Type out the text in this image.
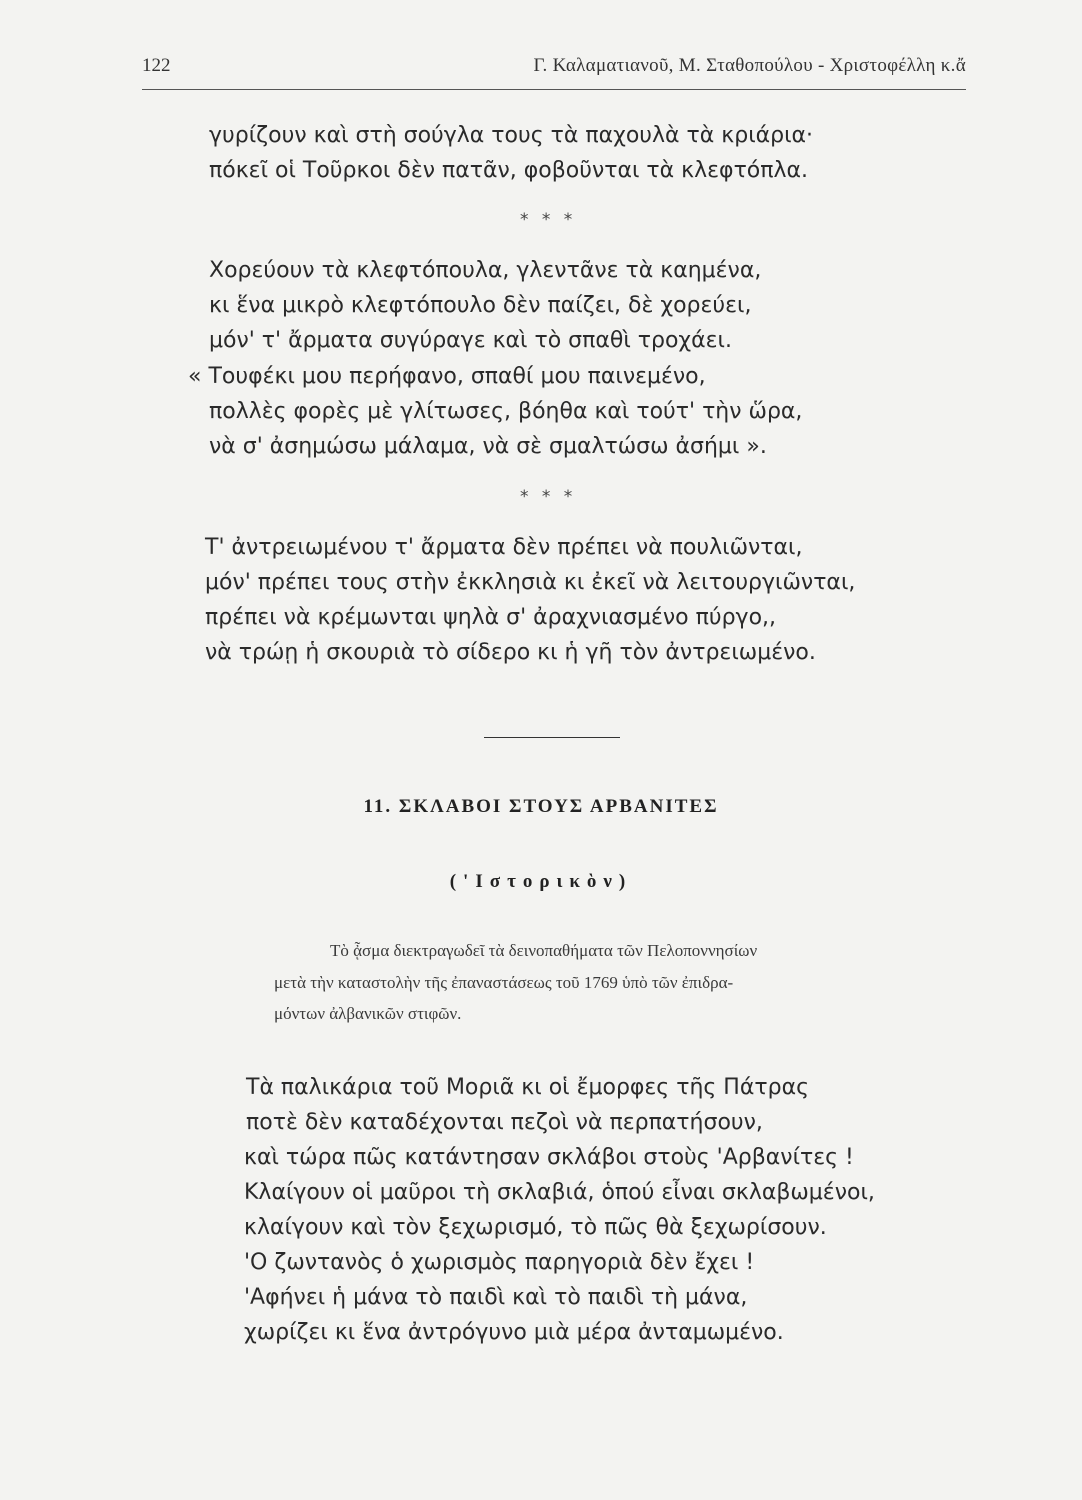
122	Γ. Καλαματιανοῦ, Μ. Σταθοπούλου - Χριστοφέλλη κ.ἄ

γυρίζουν καὶ στὴ σούγλα τους τὰ παχουλὰ τὰ κριάρια·

πόκεῖ οἱ Τοῦρκοι δὲν πατᾶν, φοβοῦνται τὰ κλεφτόπλα.

* * *

Χορεύουν τὰ κλεφτόπουλα, γλεντᾶνε τὰ καημένα,

κι ἕνα μικρὸ κλεφτόπουλο δὲν παίζει, δὲ χορεύει,

μόν' τ' ἄρματα συγύραγε καὶ τὸ σπαθὶ τροχάει.

« Τουφέκι μου περήφανο, σπαθί μου παινεμένο,

πολλὲς φορὲς μὲ γλίτωσες, βόηθα καὶ τούτ' τὴν ὥρα,

νὰ σ' ἀσημώσω μάλαμα, νὰ σὲ σμαλτώσω ἀσήμι ».

* * *

Τ' ἀντρειωμένου τ' ἄρματα δὲν πρέπει νὰ πουλιῶνται,

μόν' πρέπει τους στὴν ἐκκλησιὰ κι ἐκεῖ νὰ λειτουργιῶνται,

πρέπει νὰ κρέμωνται ψηλὰ σ' ἀραχνιασμένο πύργο,,

νὰ τρώῃ ἡ σκουριὰ τὸ σίδερο κι ἡ γῆ τὸν ἀντρειωμένο.

11. ΣΚΛΑΒΟΙ ΣΤΟΥΣ ΑΡΒΑΝΙΤΕΣ
('Ιστορικὸν)

Τὸ ᾆσμα διεκτραγωδεῖ τὰ δεινοπαθήματα τῶν Πελοποννησίων

μετὰ τὴν καταστολὴν τῆς ἐπαναστάσεως τοῦ 1769 ὑπὸ τῶν ἐπιδρα-

μόντων ἀλβανικῶν στιφῶν.

Τὰ παλικάρια τοῦ Μοριᾶ κι οἱ ἔμορφες τῆς Πάτρας

ποτὲ δὲν καταδέχονται πεζοὶ νὰ περπατήσουν,

καὶ τώρα πῶς κατάντησαν σκλάβοι στοὺς 'Αρβανίτες !

Κλαίγουν οἱ μαῦροι τὴ σκλαβιά, ὁπού εἶναι σκλαβωμένοι,

κλαίγουν καὶ τὸν ξεχωρισμό, τὸ πῶς θὰ ξεχωρίσουν.

'Ο ζωντανὸς ὁ χωρισμὸς παρηγοριὰ δὲν ἔχει !

'Αφήνει ἡ μάνα τὸ παιδὶ καὶ τὸ παιδὶ τὴ μάνα,

χωρίζει κι ἕνα ἀντρόγυνο μιὰ μέρα ἀνταμωμένο.
